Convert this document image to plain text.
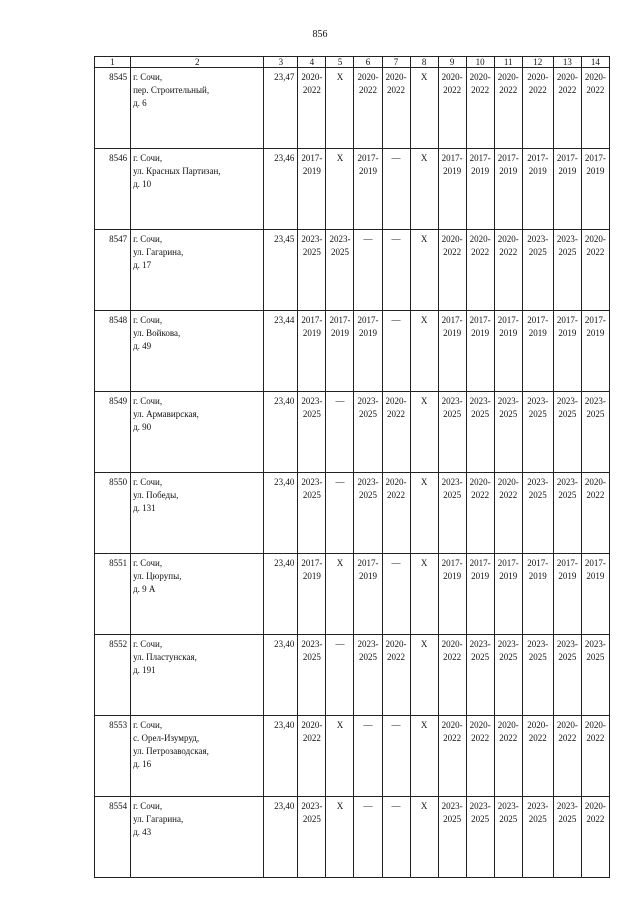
856
1	2	3	4	5	6	7	8	9	10	11	12	13	14
8545	г. Сочи,
пер. Строительный,
д. 6	23,47	2020-
2022	X	2020-
2022	2020-
2022	X	2020-
2022	2020-
2022	2020-
2022	2020-
2022	2020-
2022	2020-
2022

8546	г. Сочи,
ул. Красных Партизан,
д. 10	23,46	2017-
2019	X	2017-
2019	—	X	2017-
2019	2017-
2019	2017-
2019	2017-
2019	2017-
2019	2017-
2019

8547	г. Сочи,
ул. Гагарина,
д. 17	23,45	2023-
2025	2023-
2025	—	—	X	2020-
2022	2020-
2022	2020-
2022	2023-
2025	2023-
2025	2020-
2022

8548	г. Сочи,
ул. Войкова,
д. 49	23,44	2017-
2019	2017-
2019	2017-
2019	—	X	2017-
2019	2017-
2019	2017-
2019	2017-
2019	2017-
2019	2017-
2019

8549	г. Сочи,
ул. Армавирская,
д. 90	23,40	2023-
2025	—	2023-
2025	2020-
2022	X	2023-
2025	2023-
2025	2023-
2025	2023-
2025	2023-
2025	2023-
2025

8550	г. Сочи,
ул. Победы,
д. 131	23,40	2023-
2025	—	2023-
2025	2020-
2022	X	2023-
2025	2020-
2022	2020-
2022	2023-
2025	2023-
2025	2020-
2022

8551	г. Сочи,
ул. Цюрупы,
д. 9 А	23,40	2017-
2019	X	2017-
2019	—	X	2017-
2019	2017-
2019	2017-
2019	2017-
2019	2017-
2019	2017-
2019

8552	г. Сочи,
ул. Пластунская,
д. 191	23,40	2023-
2025	—	2023-
2025	2020-
2022	X	2020-
2022	2023-
2025	2023-
2025	2023-
2025	2023-
2025	2023-
2025

8553	г. Сочи,
с. Орел-Изумруд,
ул. Петрозаводская,
д. 16	23,40	2020-
2022	X	—	—	X	2020-
2022	2020-
2022	2020-
2022	2020-
2022	2020-
2022	2020-
2022

8554	г. Сочи,
ул. Гагарина,
д. 43	23,40	2023-
2025	X	—	—	X	2023-
2025	2023-
2025	2023-
2025	2023-
2025	2023-
2025	2020-
2022
